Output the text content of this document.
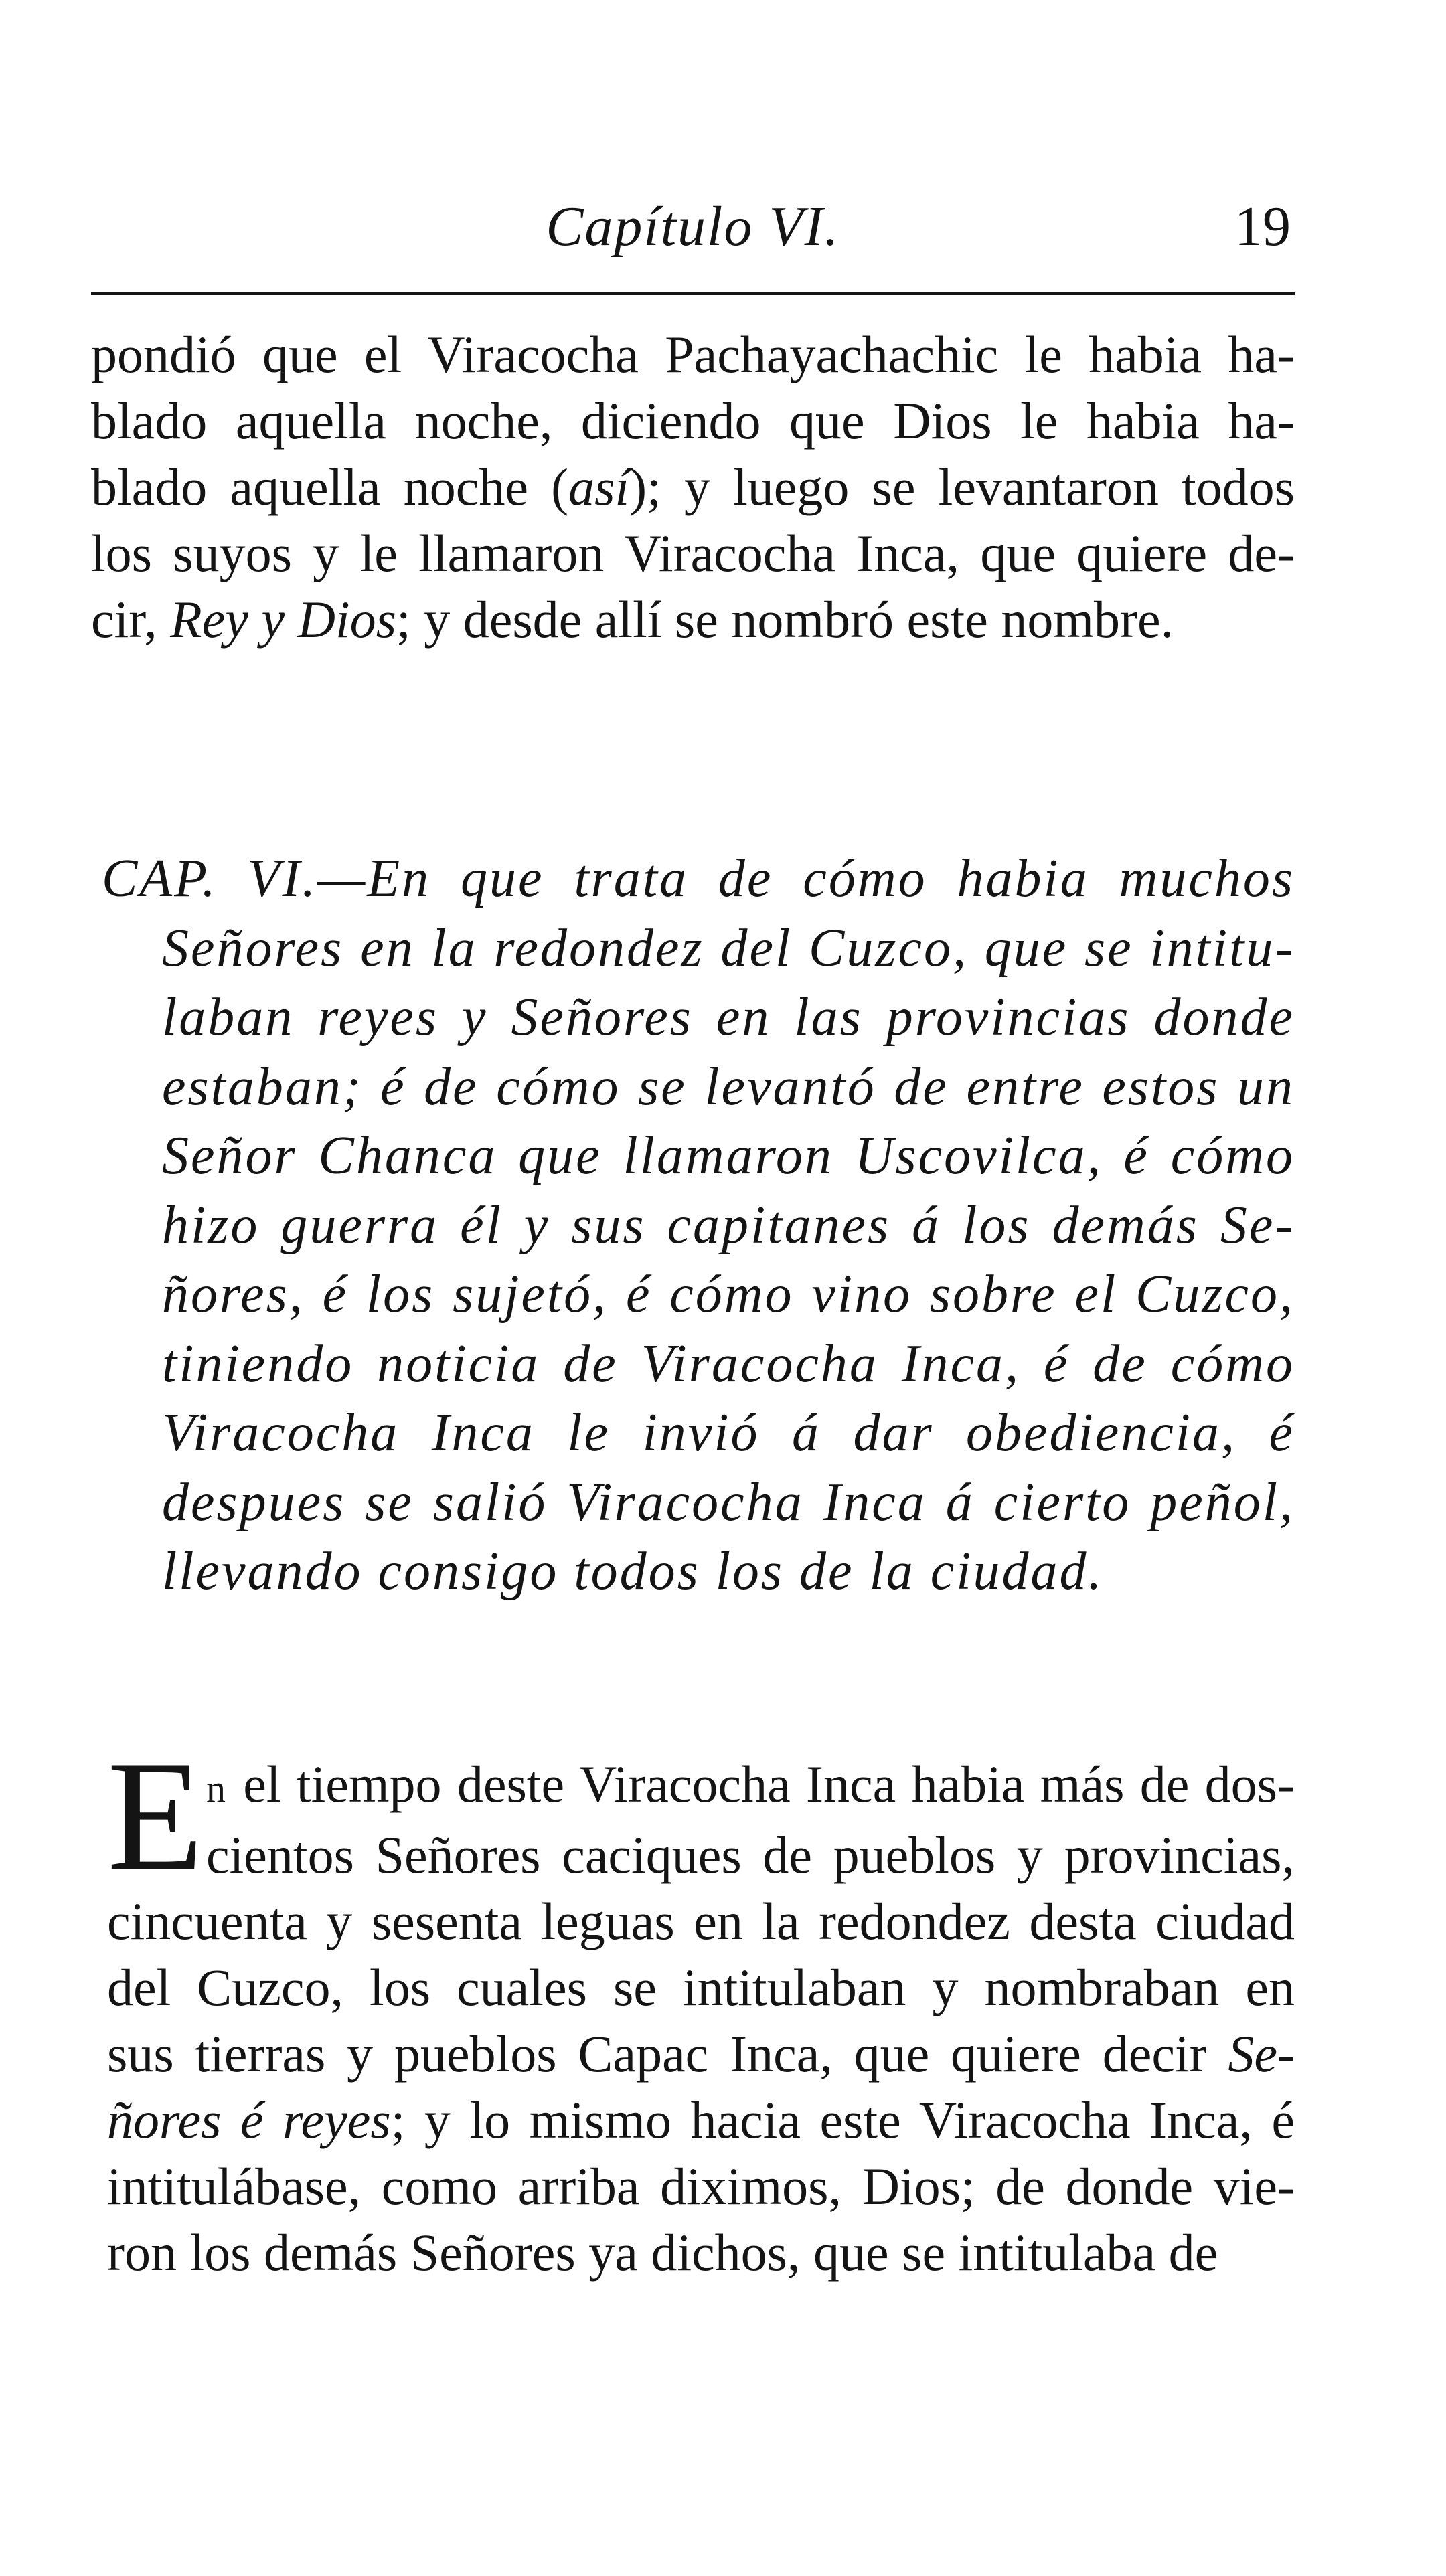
Capítulo VI.	19

pondió que el Viracocha Pachayachachic le habia ha-
blado aquella noche, diciendo que Dios le habia ha-
blado aquella noche (así); y luego se levantaron todos
los suyos y le llamaron Viracocha Inca, que quiere de-
cir, Rey y Dios; y desde allí se nombró este nombre.

CAP. VI.—En que trata de cómo habia muchos
Señores en la redondez del Cuzco, que se intitu-
laban reyes y Señores en las provincias donde
estaban; é de cómo se levantó de entre estos un
Señor Chanca que llamaron Uscovilca, é cómo
hizo guerra él y sus capitanes á los demás Se-
ñores, é los sujetó, é cómo vino sobre el Cuzco,
tiniendo noticia de Viracocha Inca, é de cómo
Viracocha Inca le invió á dar obediencia, é
despues se salió Viracocha Inca á cierto peñol,
llevando consigo todos los de la ciudad.

E n el tiempo deste Viracocha Inca habia más de dos-
cientos Señores caciques de pueblos y provincias,
cincuenta y sesenta leguas en la redondez desta ciudad
del Cuzco, los cuales se intitulaban y nombraban en
sus tierras y pueblos Capac Inca, que quiere decir Se-
ñores é reyes; y lo mismo hacia este Viracocha Inca, é
intitulábase, como arriba diximos, Dios; de donde vie-
ron los demás Señores ya dichos, que se intitulaba de
